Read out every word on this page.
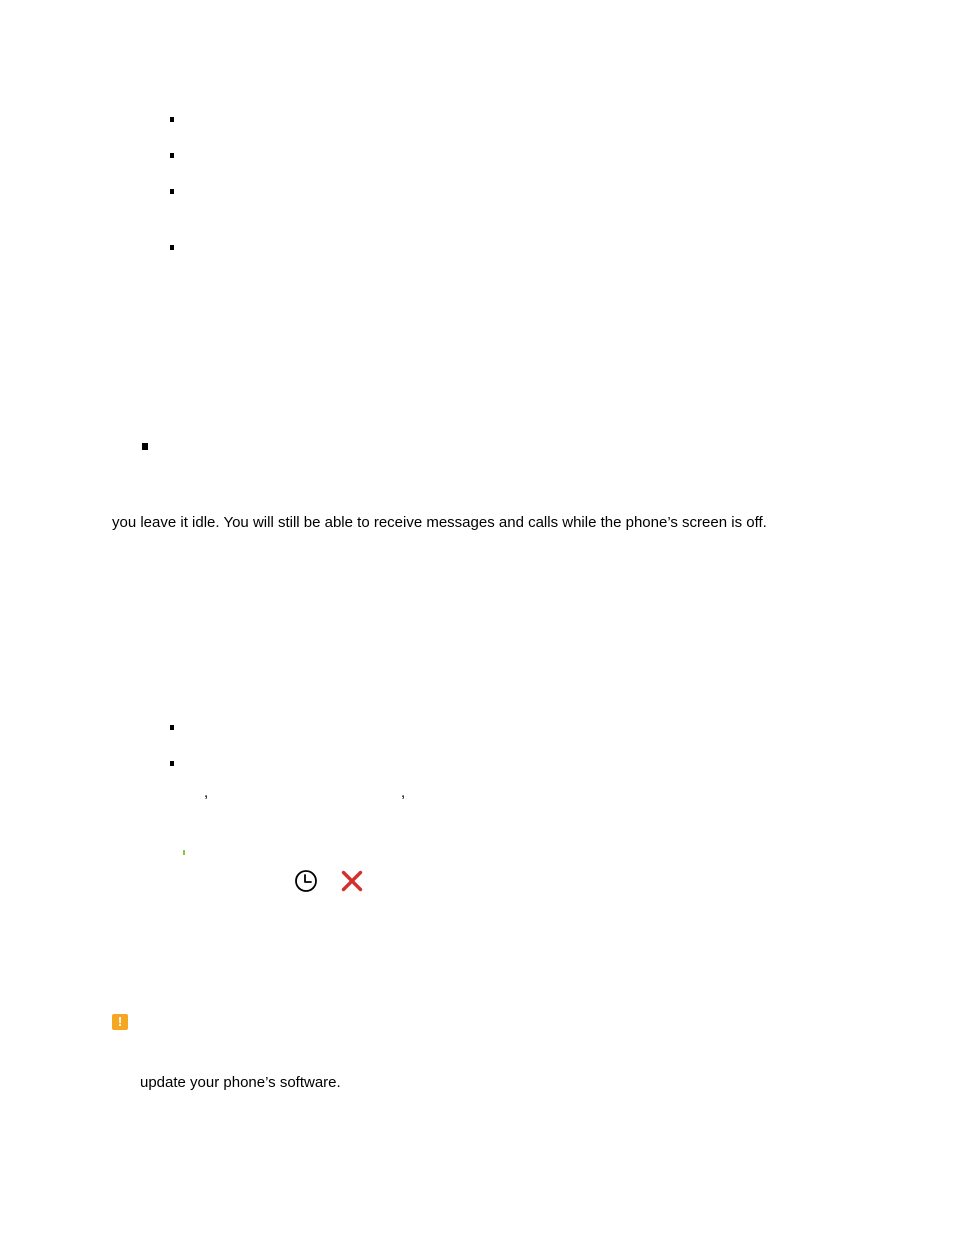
you leave it idle. You will still be able to receive messages and calls while the phone’s screen is off.
,	,
!
update your phone’s software.
